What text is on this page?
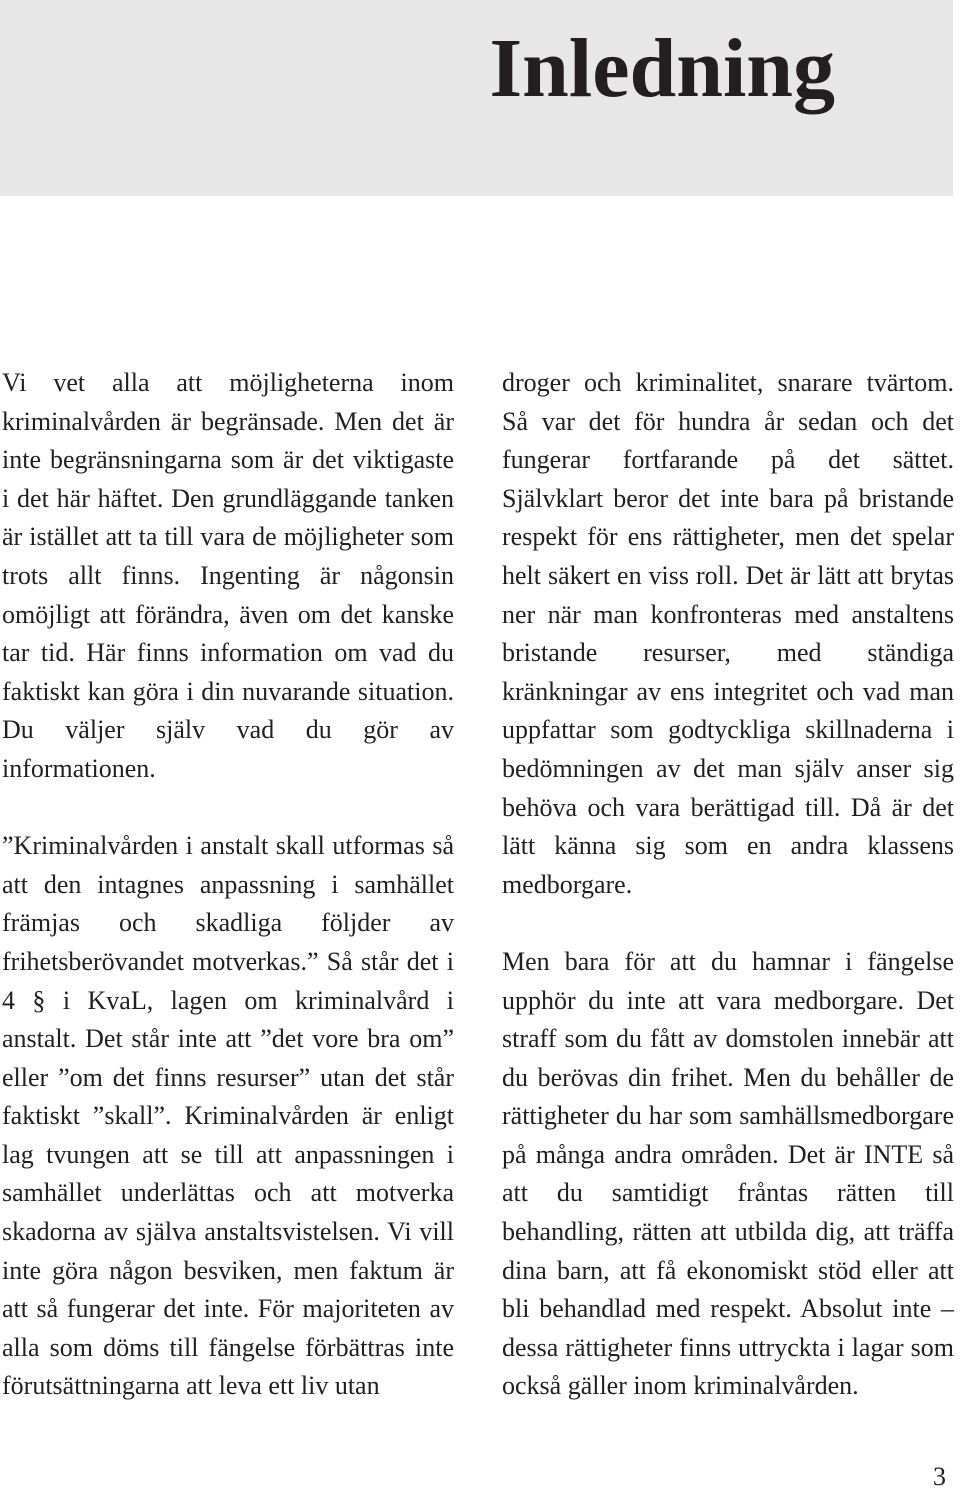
Inledning

Vi vet alla att möjligheterna inom kriminalvården är begränsade. Men det är inte begränsningarna som är det viktigaste i det här häftet. Den grundläggande tanken är istället att ta till vara de möjligheter som trots allt finns. Ingenting är någonsin omöjligt att förändra, även om det kanske tar tid. Här finns information om vad du faktiskt kan göra i din nuvarande situation. Du väljer själv vad du gör av informationen.

”Kriminalvården i anstalt skall utformas så att den intagnes anpassning i samhället främjas och skadliga följder av frihetsberövandet motverkas.” Så står det i 4 § i KvaL, lagen om kriminalvård i anstalt. Det står inte att ”det vore bra om” eller ”om det finns resurser” utan det står faktiskt ”skall”. Kriminalvården är enligt lag tvungen att se till att anpassningen i samhället underlättas och att motverka skadorna av själva anstaltsvistelsen. Vi vill inte göra någon besviken, men faktum är att så fungerar det inte. För majoriteten av alla som döms till fängelse förbättras inte förutsättningarna att leva ett liv utan

droger och kriminalitet, snarare tvärtom. Så var det för hundra år sedan och det fungerar fortfarande på det sättet. Självklart beror det inte bara på bristande respekt för ens rättigheter, men det spelar helt säkert en viss roll. Det är lätt att brytas ner när man konfronteras med anstaltens bristande resurser, med ständiga kränkningar av ens integritet och vad man uppfattar som godtyckliga skillnaderna i bedömningen av det man själv anser sig behöva och vara berättigad till. Då är det lätt känna sig som en andra klassens medborgare.

Men bara för att du hamnar i fängelse upphör du inte att vara medborgare. Det straff som du fått av domstolen innebär att du berövas din frihet. Men du behåller de rättigheter du har som samhällsmedborgare på många andra områden. Det är INTE så att du samtidigt fråntas rätten till behandling, rätten att utbilda dig, att träffa dina barn, att få ekonomiskt stöd eller att bli behandlad med respekt. Absolut inte – dessa rättigheter finns uttryckta i lagar som också gäller inom kriminalvården.

3
